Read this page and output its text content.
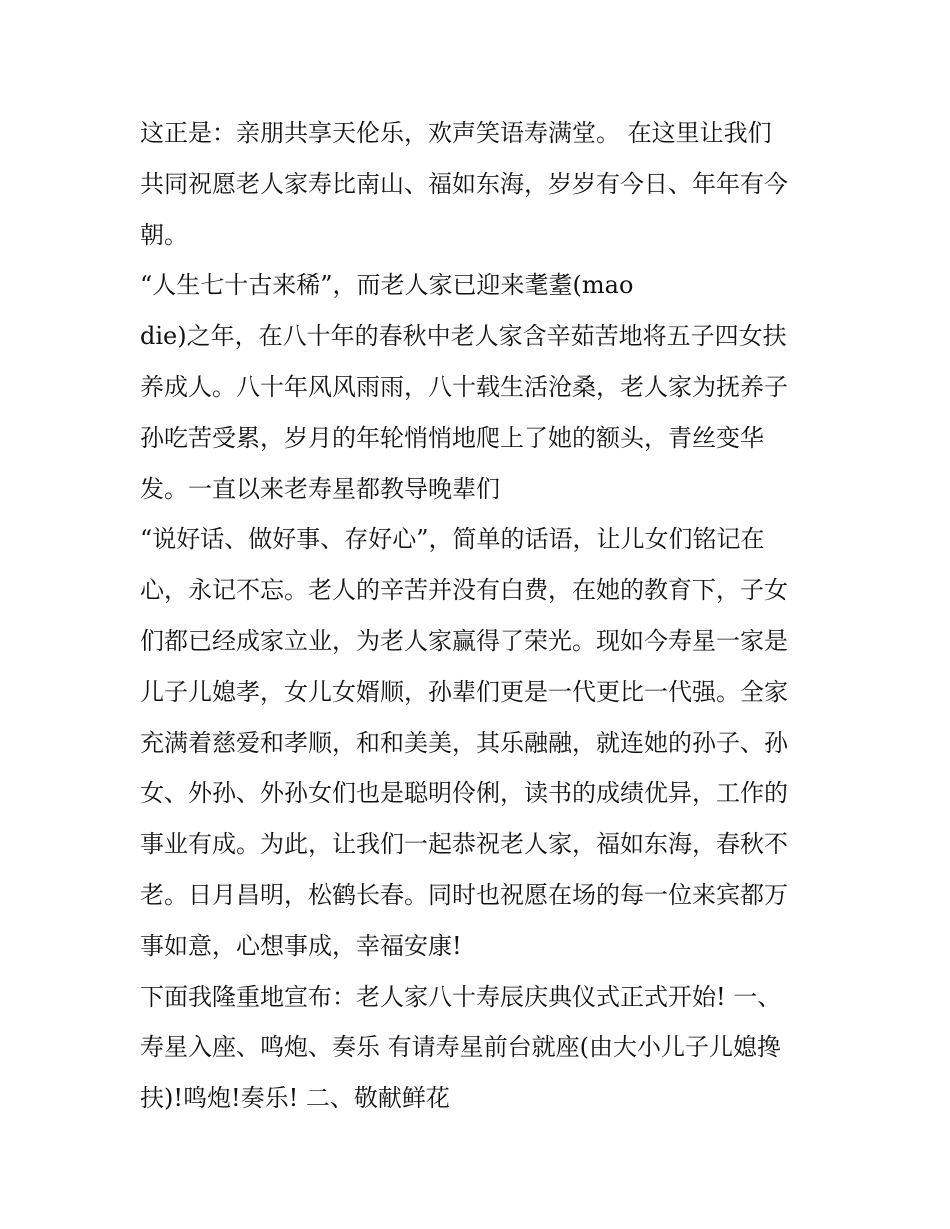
这正是：亲朋共享天伦乐，欢声笑语寿满堂。 在这里让我们
共同祝愿老人家寿比南山、福如东海，岁岁有今日、年年有今
朝。
“人生七十古来稀”，而老人家已迎来耄耋(mao
die)之年，在八十年的春秋中老人家含辛茹苦地将五子四女扶
养成人。八十年风风雨雨，八十载生活沧桑，老人家为抚养子
孙吃苦受累，岁月的年轮悄悄地爬上了她的额头，青丝变华
发。一直以来老寿星都教导晚辈们
“说好话、做好事、存好心”，简单的话语，让儿女们铭记在
心，永记不忘。老人的辛苦并没有白费，在她的教育下，子女
们都已经成家立业，为老人家赢得了荣光。现如今寿星一家是
儿子儿媳孝，女儿女婿顺，孙辈们更是一代更比一代强。全家
充满着慈爱和孝顺，和和美美，其乐融融，就连她的孙子、孙
女、外孙、外孙女们也是聪明伶俐，读书的成绩优异，工作的
事业有成。为此，让我们一起恭祝老人家，福如东海，春秋不
老。日月昌明，松鹤长春。同时也祝愿在场的每一位来宾都万
事如意，心想事成，幸福安康!
下面我隆重地宣布：老人家八十寿辰庆典仪式正式开始! 一、
寿星入座、鸣炮、奏乐 有请寿星前台就座(由大小儿子儿媳搀
扶)!鸣炮!奏乐! 二、敬献鲜花
